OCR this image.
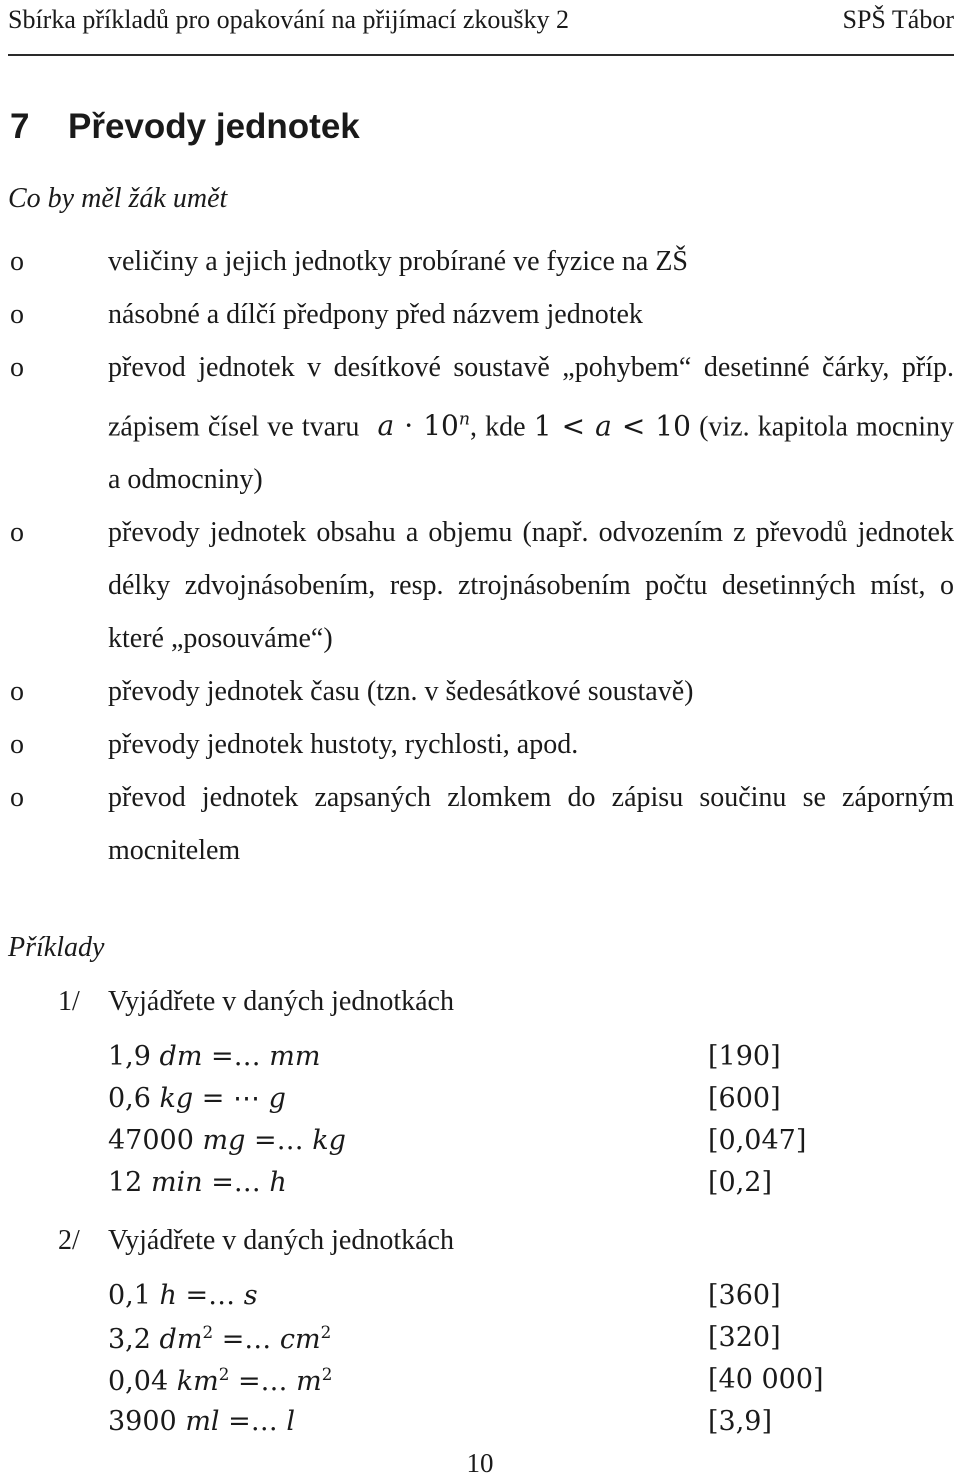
Sbírka příkladů pro opakování na přijímací zkoušky 2	SPŠ Tábor
7 Převody jednotek
Co by měl žák umět
o	veličiny a jejich jednotky probírané ve fyzice na ZŠ
o	násobné a dílčí předpony před názvem jednotek
o	převod jednotek v desítkové soustavě „pohybem“ desetinné čárky, příp. zápisem čísel ve tvaru $a \cdot 10^n$, kde 1 < a < 10 (viz. kapitola mocniny a odmocniny)
o	převody jednotek obsahu a objemu (např. odvozením z převodů jednotek délky zdvojnásobením, resp. ztrojnásobením počtu desetinných míst, o které „posouváme“)
o	převody jednotek času (tzn. v šedesátkové soustavě)
o	převody jednotek hustoty, rychlosti, apod.
o	převod jednotek zapsaných zlomkem do zápisu součinu se záporným mocnitelem
Příklady
1/ Vyjádřete v daných jednotkách
1,9 dm =… mm	[190]
0,6 kg = ⋯ g	[600]
47000 mg =… kg	[0,047]
12 min =… h	[0,2]
2/ Vyjádřete v daných jednotkách
0,1 h =… s	[360]
3,2 $dm^2$ =… $cm^2$	[320]
0,04 $km^2$ =… $m^2$	[40 000]
3900 ml =… l	[3,9]
10
